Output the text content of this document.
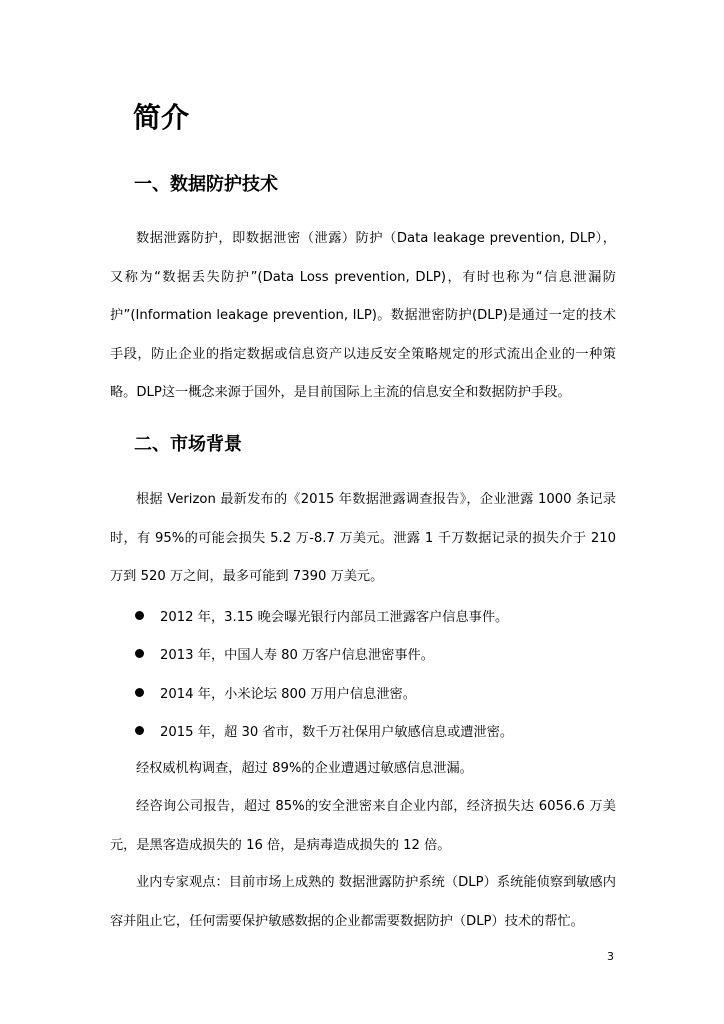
简介
一、数据防护技术

数据泄露防护，即数据泄密（泄露）防护（Data leakage prevention, DLP），又称为“数据丢失防护”(Data Loss prevention, DLP)，有时也称为“信息泄漏防护”(Information leakage prevention, ILP)。数据泄密防护(DLP)是通过一定的技术手段，防止企业的指定数据或信息资产以违反安全策略规定的形式流出企业的一种策略。DLP这一概念来源于国外，是目前国际上主流的信息安全和数据防护手段。

二、市场背景

根据 Verizon 最新发布的《2015 年数据泄露调查报告》，企业泄露 1000 条记录时，有 95%的可能会损失 5.2 万-8.7 万美元。泄露 1 千万数据记录的损失介于 210 万到 520 万之间，最多可能到 7390 万美元。

2012 年，3.15 晚会曝光银行内部员工泄露客户信息事件。
2013 年，中国人寿 80 万客户信息泄密事件。
2014 年，小米论坛 800 万用户信息泄密。
2015 年，超 30 省市，数千万社保用户敏感信息或遭泄密。

经权威机构调查，超过 89%的企业遭遇过敏感信息泄漏。

经咨询公司报告，超过 85%的安全泄密来自企业内部，经济损失达 6056.6 万美元，是黑客造成损失的 16 倍，是病毒造成损失的 12 倍。

业内专家观点：目前市场上成熟的 数据泄露防护系统（DLP）系统能侦察到敏感内容并阻止它，任何需要保护敏感数据的企业都需要数据防护（DLP）技术的帮忙。

3
